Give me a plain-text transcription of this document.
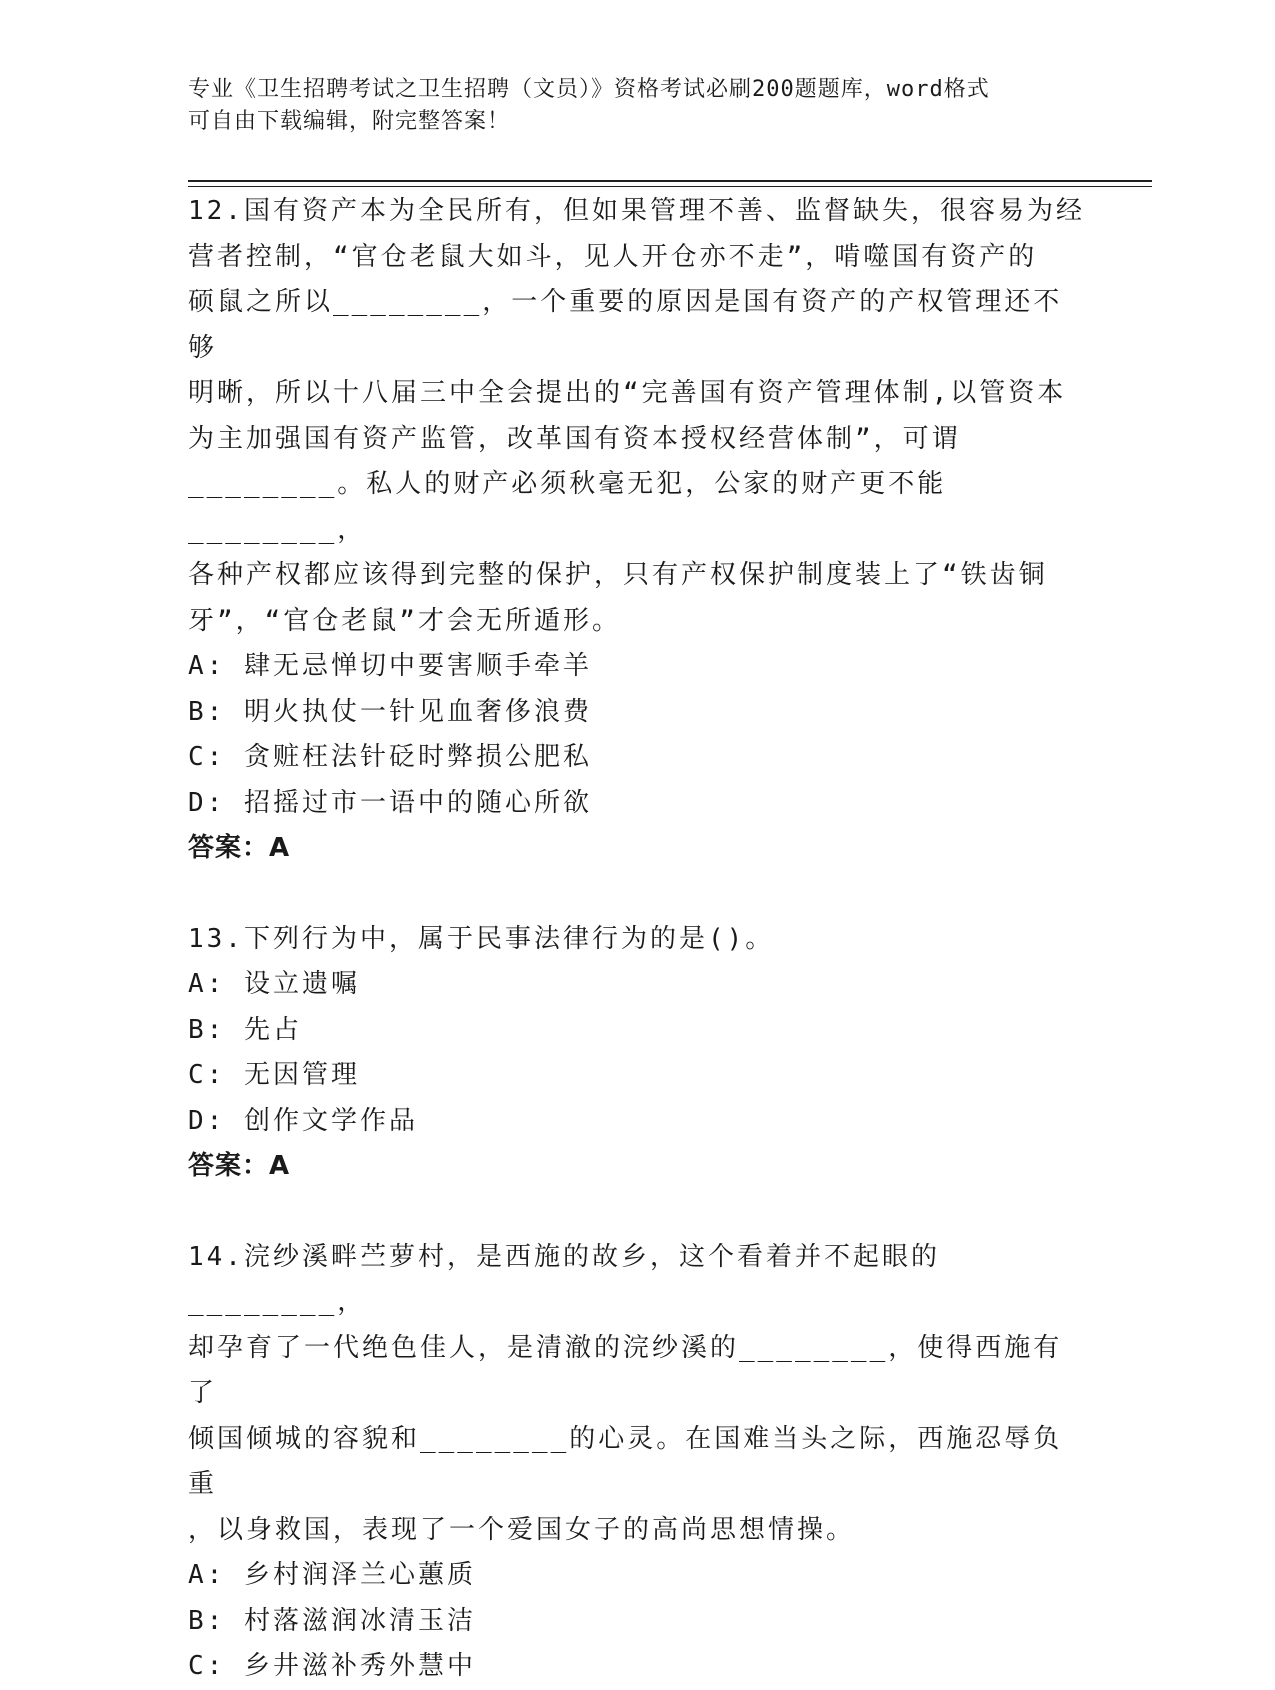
专业《卫生招聘考试之卫生招聘（文员）》资格考试必刷200题题库，word格式
可自由下载编辑，附完整答案！

12.国有资产本为全民所有，但如果管理不善、监督缺失，很容易为经

营者控制，“官仓老鼠大如斗，见人开仓亦不走”，啃噬国有资产的

硕鼠之所以________，一个重要的原因是国有资产的产权管理还不够

明晰，所以十八届三中全会提出的“完善国有资产管理体制,以管资本

为主加强国有资产监管，改革国有资本授权经营体制”，可谓

________。私人的财产必须秋毫无犯，公家的财产更不能________，

各种产权都应该得到完整的保护，只有产权保护制度装上了“铁齿铜

牙”，“官仓老鼠”才会无所遁形。

A: 肆无忌惮切中要害顺手牵羊

B: 明火执仗一针见血奢侈浪费

C: 贪赃枉法针砭时弊损公肥私

D: 招摇过市一语中的随心所欲

答案：A

13.下列行为中，属于民事法律行为的是()。

A: 设立遗嘱

B: 先占

C: 无因管理

D: 创作文学作品

答案：A

14.浣纱溪畔苎萝村，是西施的故乡，这个看着并不起眼的________，

却孕育了一代绝色佳人，是清澈的浣纱溪的________，使得西施有了

倾国倾城的容貌和________的心灵。在国难当头之际，西施忍辱负重

，以身救国，表现了一个爱国女子的高尚思想情操。

A: 乡村润泽兰心蕙质

B: 村落滋润冰清玉洁

C: 乡井滋补秀外慧中
